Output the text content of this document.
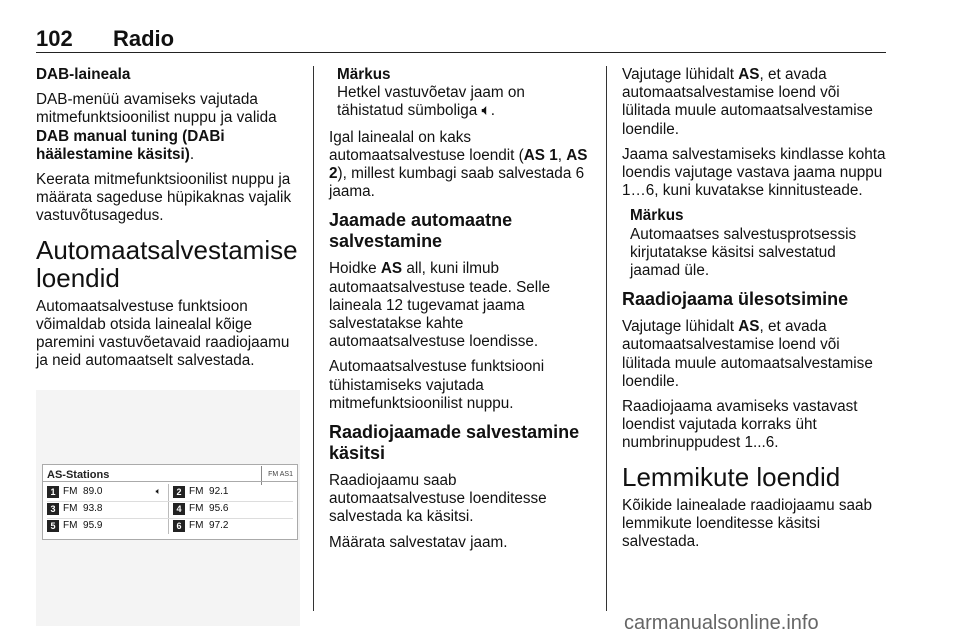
102 Radio

DAB-laineala

DAB-menüü avamiseks vajutada mitmefunktsioonilist nuppu ja valida DAB manual tuning (DABi häälestamine käsitsi).

Keerata mitmefunktsioonilist nuppu ja määrata sageduse hüpikaknas vajalik vastuvõtusagedus.

Automaatsalvestamise loendid

Automaatsalvestuse funktsioon võimaldab otsida lainealal kõige paremini vastuvõetavaid raadiojaamu ja neid automaatselt salvestada.

AS-Stations	FM AS1
1 FM 89.0	🔈︎	2 FM 92.1
3 FM 93.8	4 FM 95.6
5 FM 95.9	6 FM 97.2
Märkus
Hetkel vastuvõetav jaam on tähistatud sümboliga 🔈︎.

Igal lainealal on kaks automaatsalvestuse loendit (AS 1, AS 2), millest kumbagi saab salvestada 6 jaama.

Jaamade automaatne salvestamine

Hoidke AS all, kuni ilmub automaatsalvestuse teade. Selle laineala 12 tugevamat jaama salvestatakse kahte automaatsalvestuse loendisse.

Automaatsalvestuse funktsiooni tühistamiseks vajutada mitmefunktsioonilist nuppu.

Raadiojaamade salvestamine käsitsi

Raadiojaamu saab automaatsalvestuse loenditesse salvestada ka käsitsi.

Määrata salvestatav jaam.

Vajutage lühidalt AS, et avada automaatsalvestamise loend või lülitada muule automaatsalvestamise loendile.

Jaama salvestamiseks kindlasse kohta loendis vajutage vastava jaama nuppu 1…6, kuni kuvatakse kinnitusteade.

Märkus
Automaatses salvestusprotsessis kirjutatakse käsitsi salvestatud jaamad üle.
Raadiojaama ülesotsimine

Vajutage lühidalt AS, et avada automaatsalvestamise loend või lülitada muule automaatsalvestamise loendile.

Raadiojaama avamiseks vastavast loendist vajutada korraks üht numbrinuppudest 1...6.

Lemmikute loendid

Kõikide lainealade raadiojaamu saab lemmikute loenditesse käsitsi salvestada.

carmanualsonline.info
